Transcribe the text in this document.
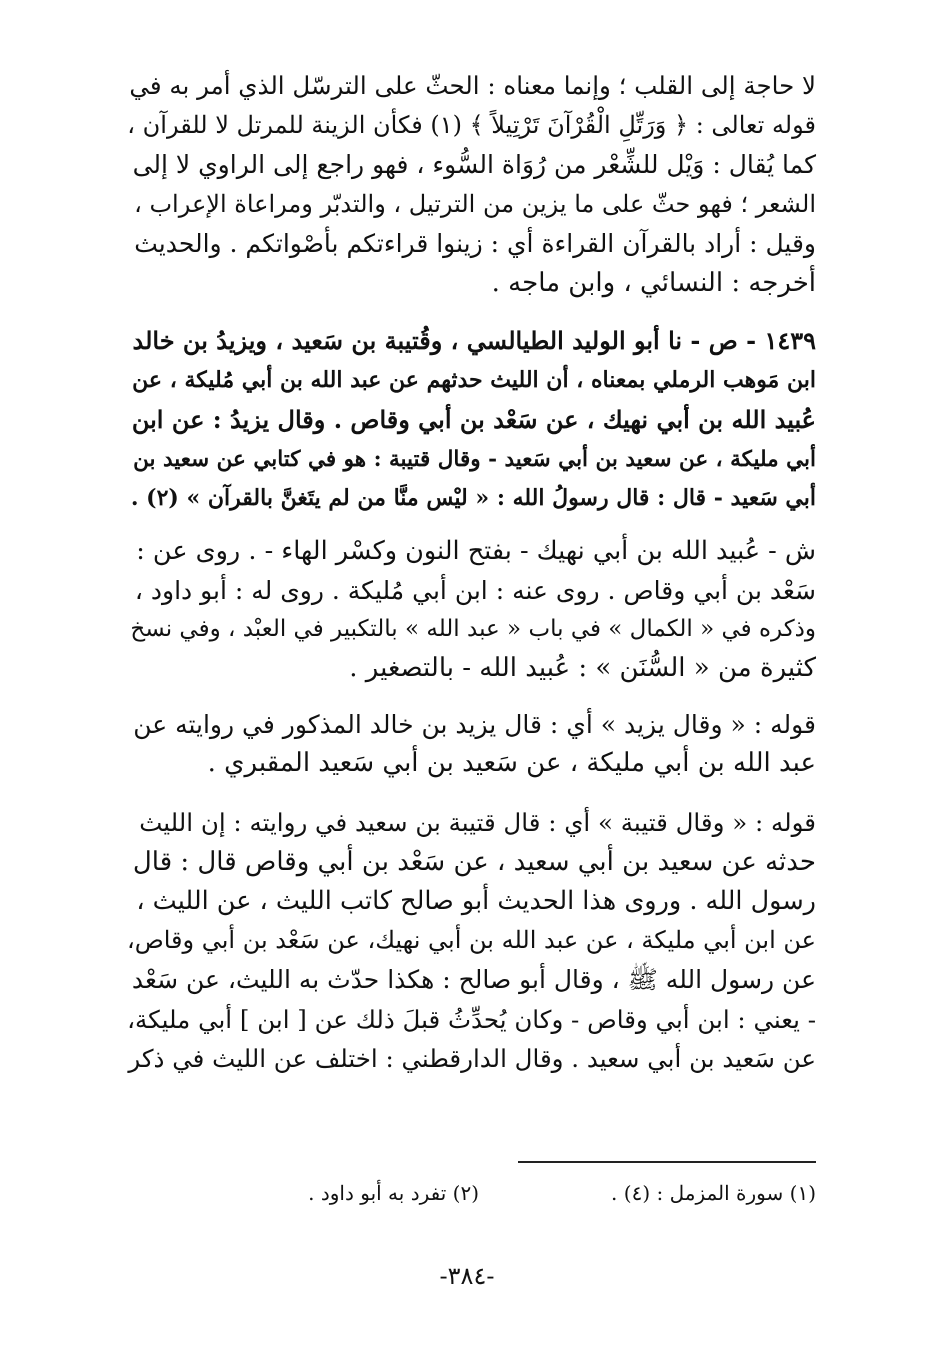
لا حاجة إلى القلب ؛ وإنما معناه : الحثّ على الترسّل الذي أمر به في
قوله تعالى : ﴿ وَرَتِّلِ الْقُرْآنَ تَرْتِيلاً ﴾ (١) فكأن الزينة للمرتل لا للقرآن ،
كما يُقال : وَيْل للشِّعْر من رُوَاة السُّوء ، فهو راجع إلى الراوي لا إلى
الشعر ؛ فهو حثّ على ما يزين من الترتيل ، والتدبّر ومراعاة الإعراب ،
وقيل : أراد بالقرآن القراءة أي : زينوا قراءتكم بأصْواتكم . والحديث
أخرجه : النسائي ، وابن ماجه .

١٤٣٩ - ص - نا أبو الوليد الطيالسي ، وقُتيبة بن سَعيد ، ويزيدُ بن خالد
ابن مَوهب الرملي بمعناه ، أن الليث حدثهم عن عبد الله بن أبي مُليكة ، عن
عُبيد الله بن أبي نهيك ، عن سَعْد بن أبي وقاص . وقال يزيدُ : عن ابن
أبي مليكة ، عن سعيد بن أبي سَعيد - وقال قتيبة : هو في كتابي عن سعيد بن
أبي سَعيد - قال : قال رسولُ الله : « ليْس منَّا من لم يتَغنَّ بالقرآن » (٢) .

ش - عُبيد الله بن أبي نهيك - بفتح النون وكسْر الهاء - . روى عن :
سَعْد بن أبي وقاص . روى عنه : ابن أبي مُليكة . روى له : أبو داود ،
وذكره في « الكمال » في باب « عبد الله » بالتكبير في العبْد ، وفي نسخ
كثيرة من « السُّنَن » : عُبيد الله - بالتصغير .

قوله : « وقال يزيد » أي : قال يزيد بن خالد المذكور في روايته عن
عبد الله بن أبي مليكة ، عن سَعيد بن أبي سَعيد المقبري .

قوله : « وقال قتيبة » أي : قال قتيبة بن سعيد في روايته : إن الليث
حدثه عن سعيد بن أبي سعيد ، عن سَعْد بن أبي وقاص قال : قال
رسول الله . وروى هذا الحديث أبو صالح كاتب الليث ، عن الليث ،
عن ابن أبي مليكة ، عن عبد الله بن أبي نهيك، عن سَعْد بن أبي وقاص،
عن رسول الله ﷺ ، وقال أبو صالح : هكذا حدّث به الليث، عن سَعْد
- يعني : ابن أبي وقاص - وكان يُحدِّثُ قبلَ ذلك عن [ ابن ] أبي مليكة،
عن سَعيد بن أبي سعيد . وقال الدارقطني : اختلف عن الليث في ذكر

(١) سورة المزمل : (٤) .
(٢) تفرد به أبو داود .
-٣٨٤-
